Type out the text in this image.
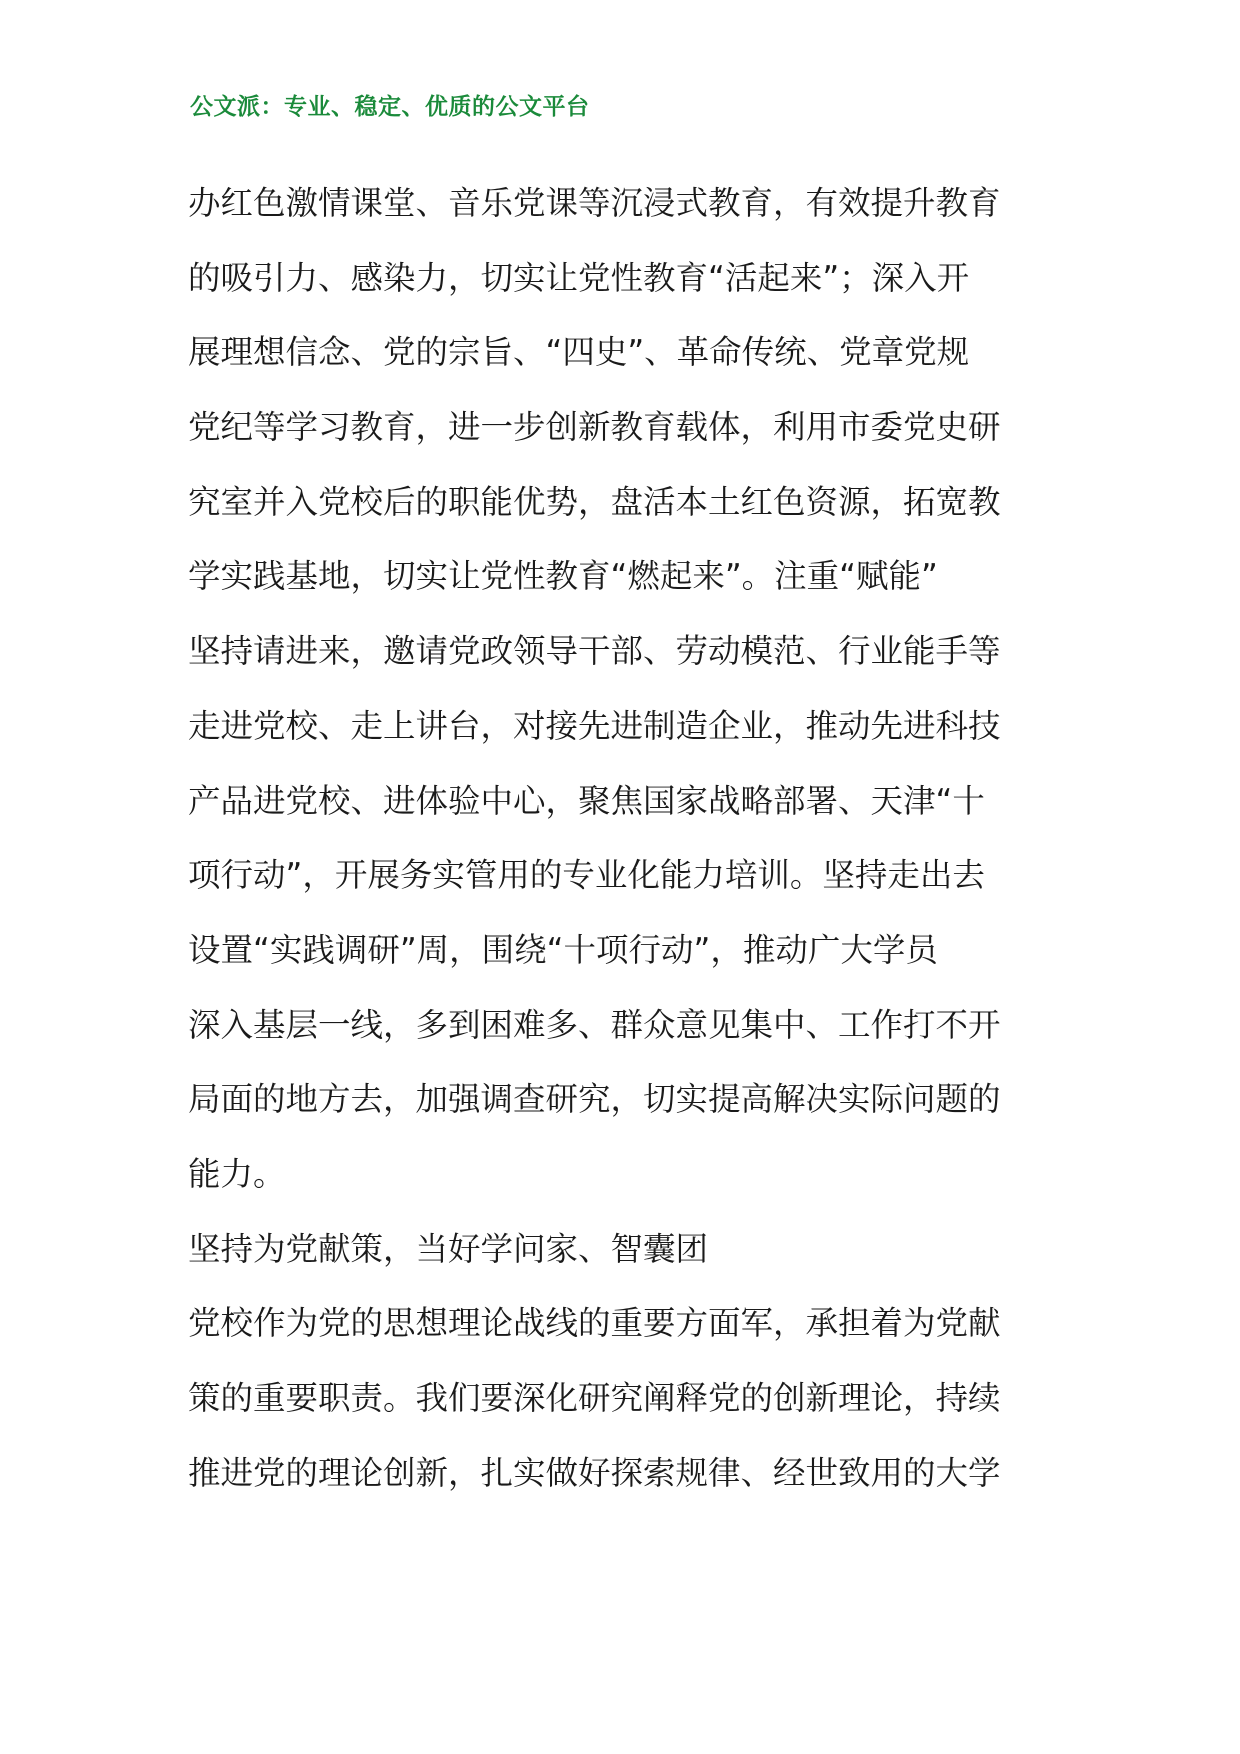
公文派：专业、稳定、优质的公文平台
办红色激情课堂、音乐党课等沉浸式教育，有效提升教育
的吸引力、感染力，切实让党性教育“活起来”；深入开
展理想信念、党的宗旨、“四史”、革命传统、党章党规
党纪等学习教育，进一步创新教育载体，利用市委党史研
究室并入党校后的职能优势，盘活本土红色资源，拓宽教
学实践基地，切实让党性教育“燃起来”。注重“赋能”
坚持请进来，邀请党政领导干部、劳动模范、行业能手等
走进党校、走上讲台，对接先进制造企业，推动先进科技
产品进党校、进体验中心，聚焦国家战略部署、天津“十
项行动”，开展务实管用的专业化能力培训。坚持走出去
设置“实践调研”周，围绕“十项行动”，推动广大学员
深入基层一线，多到困难多、群众意见集中、工作打不开
局面的地方去，加强调查研究，切实提高解决实际问题的
能力。
坚持为党献策，当好学问家、智囊团
党校作为党的思想理论战线的重要方面军，承担着为党献
策的重要职责。我们要深化研究阐释党的创新理论，持续
推进党的理论创新，扎实做好探索规律、经世致用的大学
